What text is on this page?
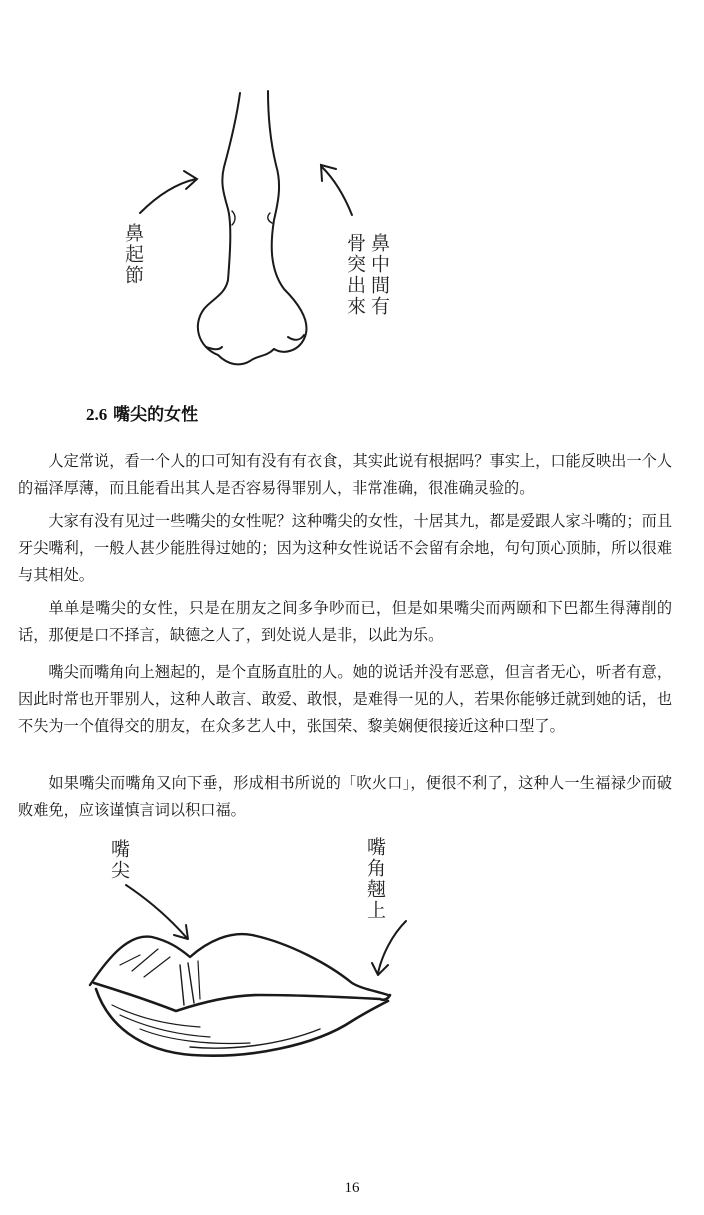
鼻起節	鼻中間有
骨突出來
2.6 嘴尖的女性

人定常说，看一个人的口可知有没有有衣食，其实此说有根据吗？事实上，口能反映出一个人的福泽厚薄，而且能看出其人是否容易得罪别人，非常准确，很准确灵验的。

大家有没有见过一些嘴尖的女性呢？这种嘴尖的女性，十居其九，都是爱跟人家斗嘴的；而且牙尖嘴利，一般人甚少能胜得过她的；因为这种女性说话不会留有余地，句句顶心顶肺，所以很难与其相处。

单单是嘴尖的女性，只是在朋友之间多争吵而已，但是如果嘴尖而两颐和下巴都生得薄削的话，那便是口不择言，缺德之人了，到处说人是非，以此为乐。

嘴尖而嘴角向上翘起的，是个直肠直肚的人。她的说话并没有恶意，但言者无心，听者有意，因此时常也开罪别人，这种人敢言、敢爱、敢恨，是难得一见的人，若果你能够迁就到她的话，也不失为一个值得交的朋友，在众多艺人中，张国荣、黎美娴便很接近这种口型了。

如果嘴尖而嘴角又向下垂，形成相书所说的「吹火口」，便很不利了，这种人一生福禄少而破败难免，应该谨慎言词以积口福。

嘴尖	嘴角翹上
16
